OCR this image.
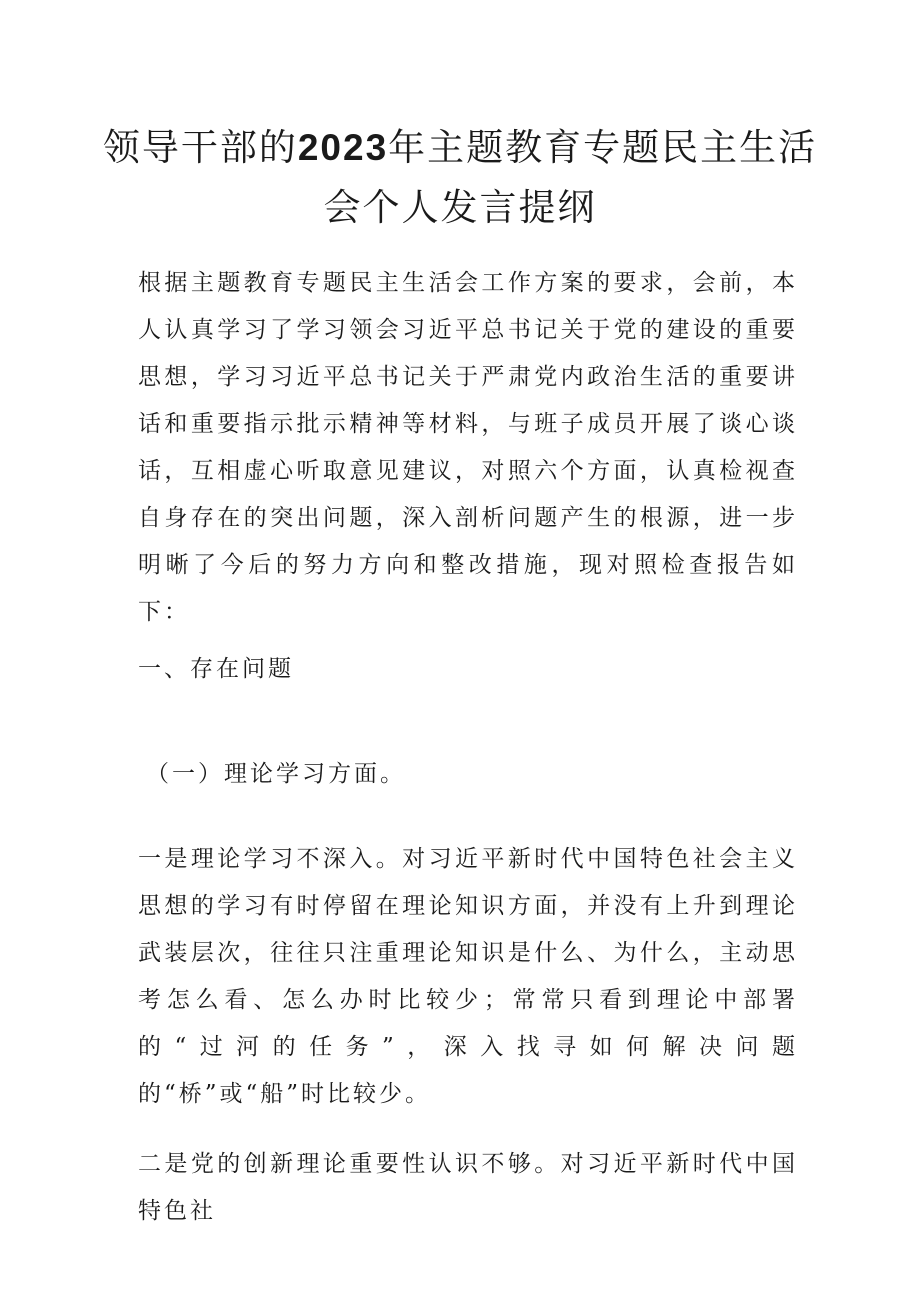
领导干部的2023年主题教育专题民主生活
会个人发言提纲

根据主题教育专题民主生活会工作方案的要求，会前，本人认真学习了学习领会习近平总书记关于党的建设的重要思想，学习习近平总书记关于严肃党内政治生活的重要讲话和重要指示批示精神等材料，与班子成员开展了谈心谈话，互相虚心听取意见建议，对照六个方面，认真检视查自身存在的突出问题，深入剖析问题产生的根源，进一步明晰了今后的努力方向和整改措施，现对照检查报告如下：

一、存在问题

（一）理论学习方面。

一是理论学习不深入。对习近平新时代中国特色社会主义思想的学习有时停留在理论知识方面，并没有上升到理论武装层次，往往只注重理论知识是什么、为什么，主动思考怎么看、怎么办时比较少；常常只看到理论中部署的“过河的任务”，深入找寻如何解决问题的“桥”或“船”时比较少。

二是党的创新理论重要性认识不够。对习近平新时代中国特色社
